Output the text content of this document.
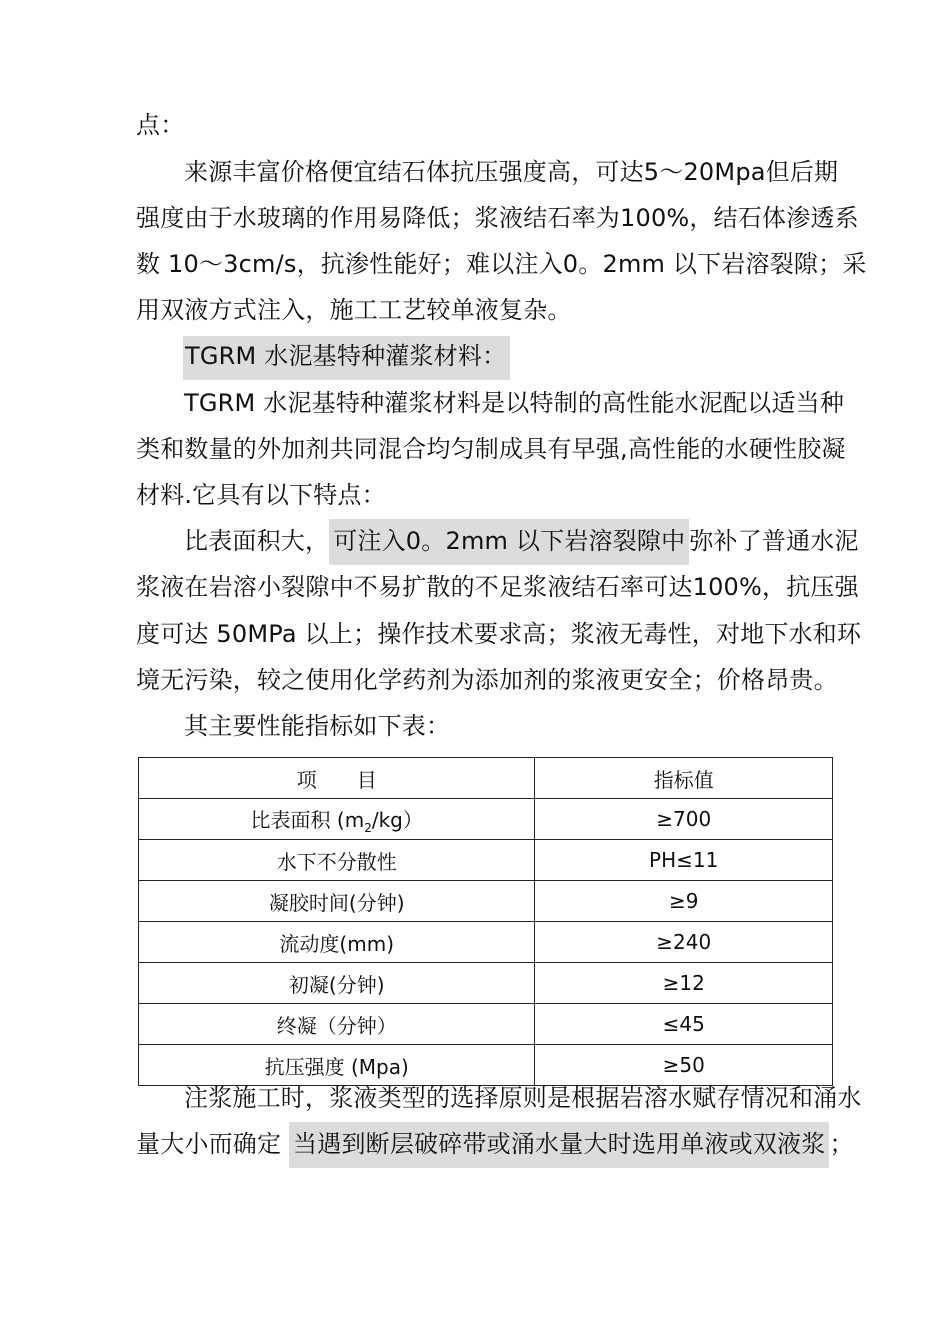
点：
来源丰富价格便宜结石体抗压强度高，可达5～20Mpa但后期
强度由于水玻璃的作用易降低；浆液结石率为100%，结石体渗透系
数 10～3cm/s，抗渗性能好；难以注入0。2mm 以下岩溶裂隙；采
用双液方式注入，施工工艺较单液复杂。
TGRM 水泥基特种灌浆材料：
TGRM 水泥基特种灌浆材料是以特制的高性能水泥配以适当种
类和数量的外加剂共同混合均匀制成具有早强,高性能的水硬性胶凝
材料.它具有以下特点：
比表面积大， 可注入0。2mm 以下岩溶裂隙中 弥补了普通水泥
浆液在岩溶小裂隙中不易扩散的不足浆液结石率可达100%，抗压强
度可达 50MPa 以上；操作技术要求高；浆液无毒性，对地下水和环
境无污染，较之使用化学药剂为添加剂的浆液更安全；价格昂贵。
其主要性能指标如下表：
项　　目	指标值
比表面积 $(m_2/kg)$	≥700
水下不分散性	PH≤11
凝胶时间(分钟)	≥9
流动度(mm)	≥240
初凝(分钟)	≥12
终凝（分钟）	≤45
抗压强度 (Mpa)	≥50
注浆施工时，浆液类型的选择原则是根据岩溶水赋存情况和涌水
量大小而确定 当遇到断层破碎带或涌水量大时选用单液或双液浆 ；
